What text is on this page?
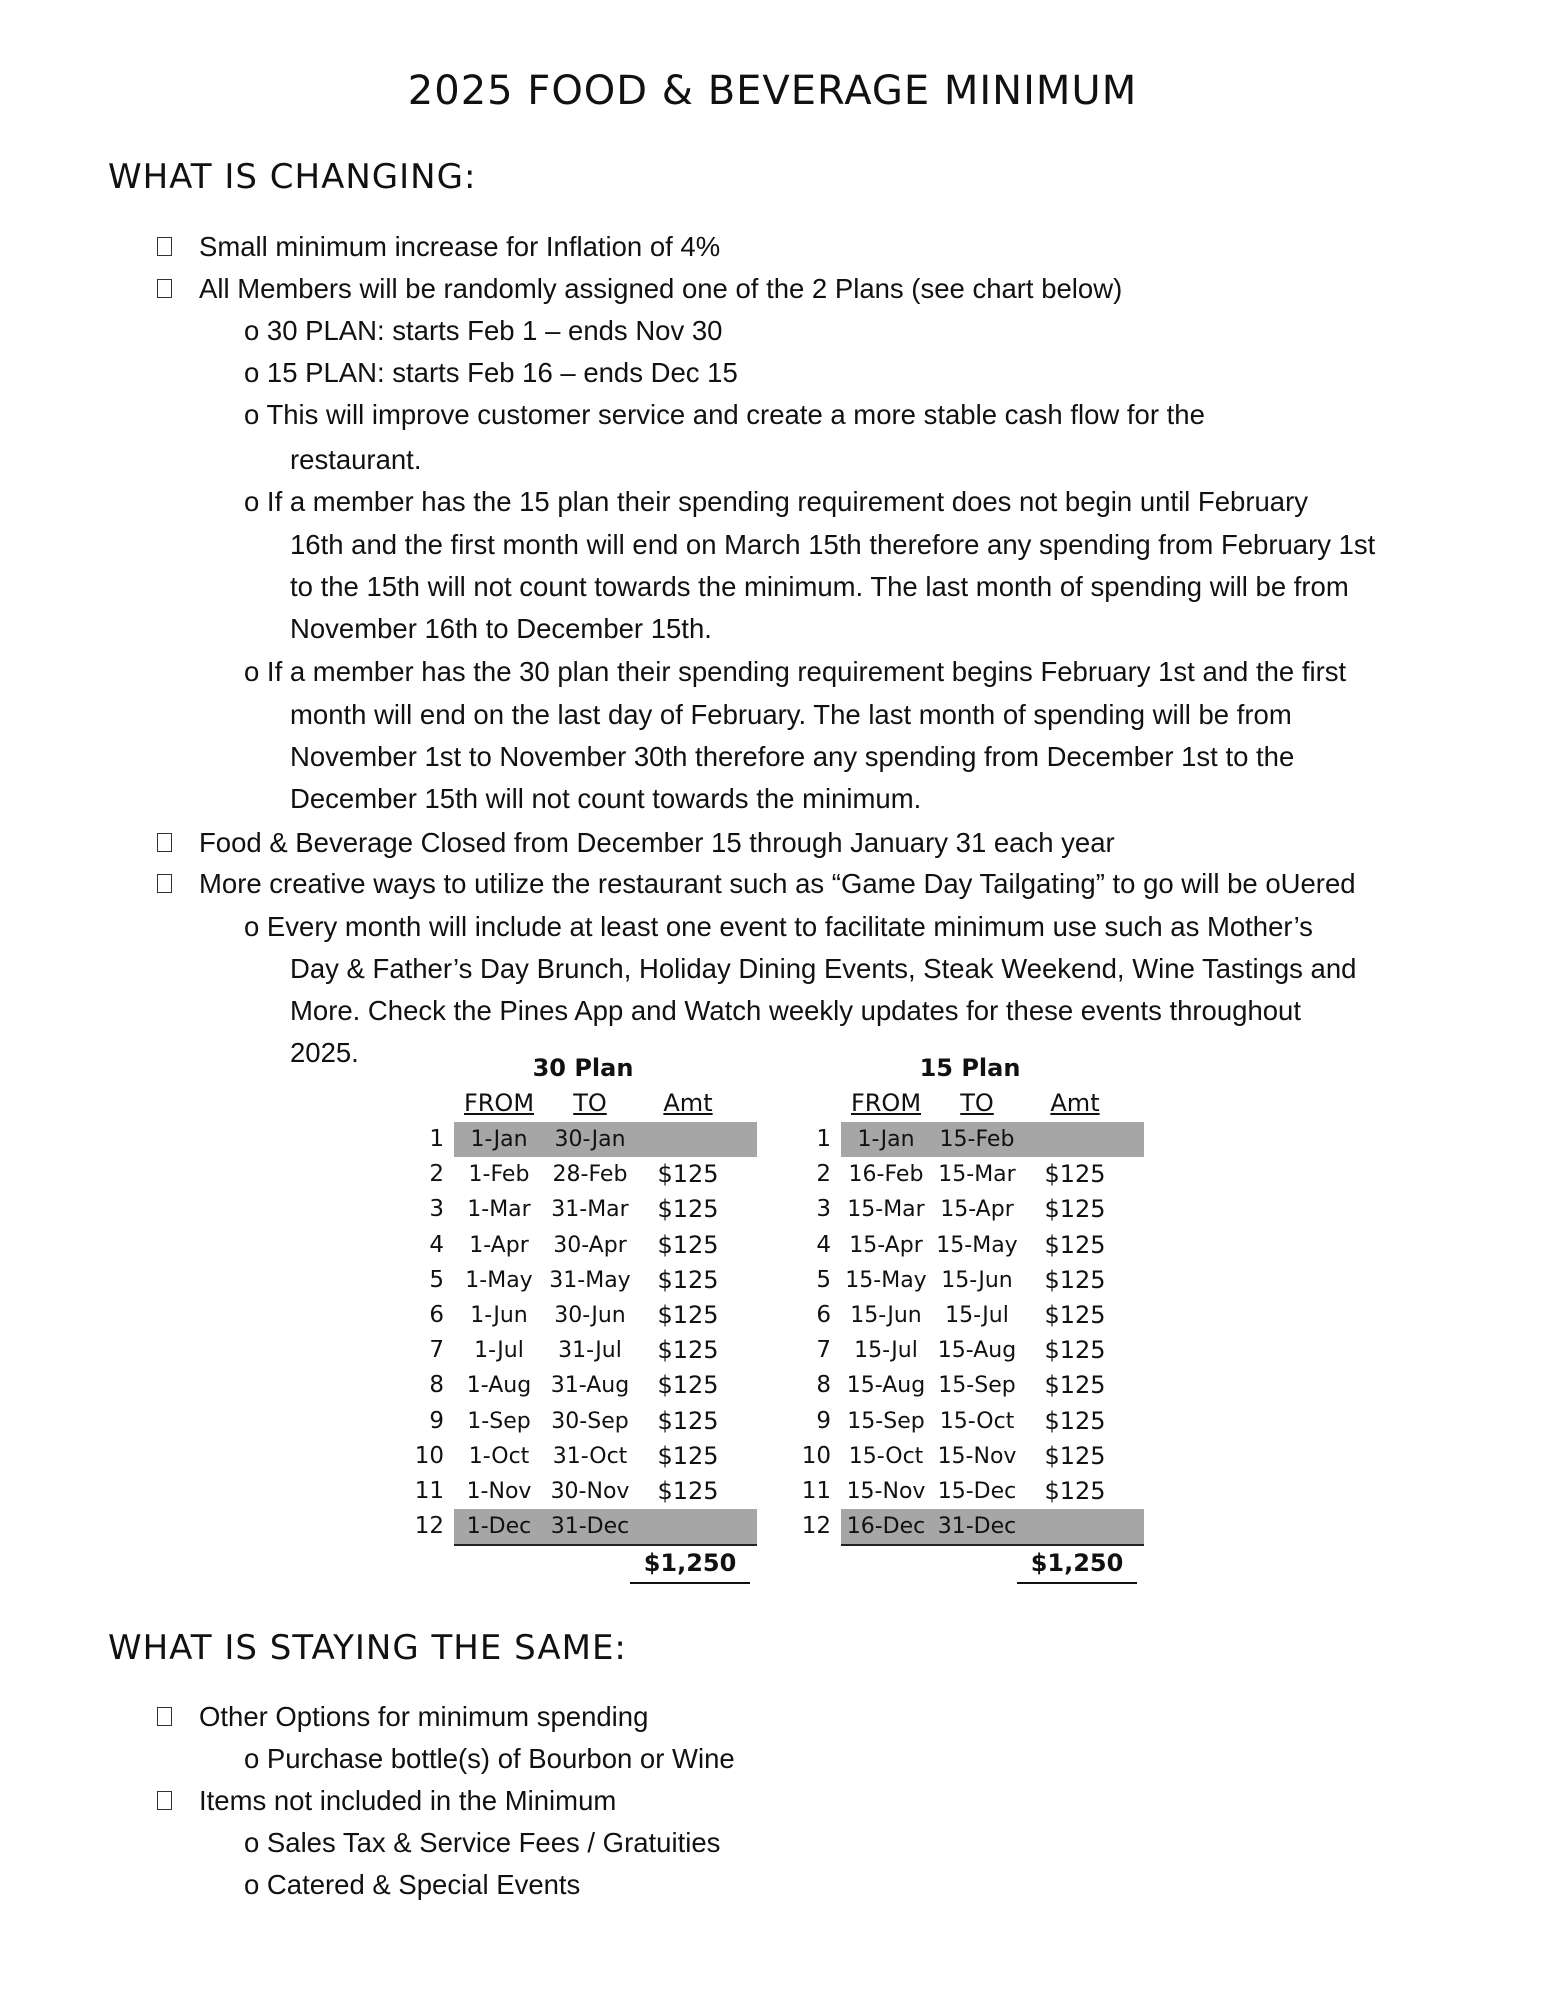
2025 FOOD & BEVERAGE MINIMUM
WHAT IS CHANGING:
Small minimum increase for Inflation of 4%
All Members will be randomly assigned one of the 2 Plans (see chart below)
o 30 PLAN: starts Feb 1 – ends Nov 30
o 15 PLAN: starts Feb 16 – ends Dec 15
o This will improve customer service and create a more stable cash flow for the
restaurant.
o If a member has the 15 plan their spending requirement does not begin until February
16th and the first month will end on March 15th therefore any spending from February 1st
to the 15th will not count towards the minimum. The last month of spending will be from
November 16th to December 15th.
o If a member has the 30 plan their spending requirement begins February 1st and the first
month will end on the last day of February. The last month of spending will be from
November 1st to November 30th therefore any spending from December 1st to the
December 15th will not count towards the minimum.
Food & Beverage Closed from December 15 through January 31 each year
More creative ways to utilize the restaurant such as “Game Day Tailgating” to go will be oUered
o Every month will include at least one event to facilitate minimum use such as Mother’s
Day & Father’s Day Brunch, Holiday Dining Events, Steak Weekend, Wine Tastings and
More. Check the Pines App and Watch weekly updates for these events throughout
2025.	30 Plan
FROM	TO	Amt
1	1-Jan	30-Jan
2	1-Feb	28-Feb	$125
3	1-Mar 31-Mar	$125
4	1-Apr	30-Apr	$125
5 1-May 31-May	$125
6	1-Jun	30-Jun	$125
7	1-Jul	31-Jul	$125
8	1-Aug 31-Aug	$125
9	1-Sep 30-Sep	$125
10	1-Oct	31-Oct	$125
11	1-Nov 30-Nov	$125
12	1-Dec 31-Dec
$1,250
15 Plan
FROM	TO	Amt
1	1-Jan	15-Feb
2 16-Feb 15-Mar	$125
3 15-Mar 15-Apr	$125
4 15-Apr 15-May	$125
5 15-May 15-Jun	$125
6 15-Jun	15-Jul	$125
7	15-Jul 15-Aug	$125
8 15-Aug 15-Sep	$125
9 15-Sep 15-Oct	$125
10 15-Oct 15-Nov	$125
11 15-Nov 15-Dec	$125
12 16-Dec 31-Dec
$1,250
WHAT IS STAYING THE SAME:
Other Options for minimum spending
o Purchase bottle(s) of Bourbon or Wine
Items not included in the Minimum
o Sales Tax & Service Fees / Gratuities
o Catered & Special Events
